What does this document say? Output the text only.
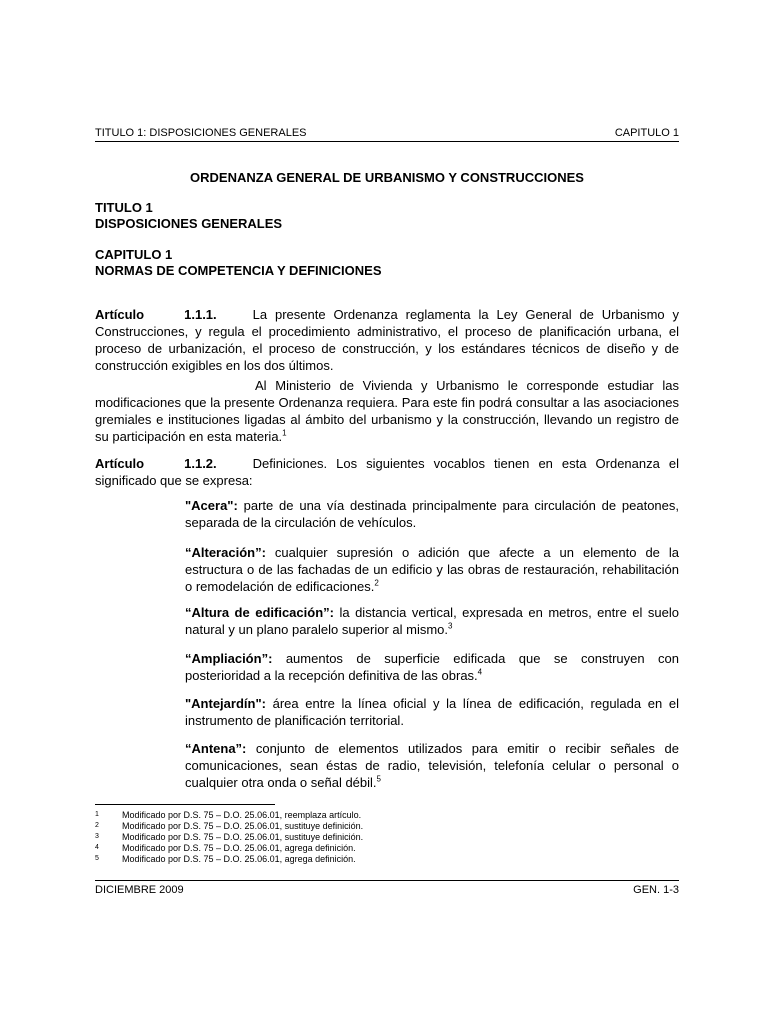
TITULO 1: DISPOSICIONES GENERALES	CAPITULO 1
ORDENANZA GENERAL DE URBANISMO Y CONSTRUCCIONES
TITULO 1
DISPOSICIONES GENERALES
CAPITULO 1
NORMAS DE COMPETENCIA Y DEFINICIONES
Artículo	1.1.1.	La presente Ordenanza reglamenta la Ley General de Urbanismo y Construcciones, y regula el procedimiento administrativo, el proceso de planificación urbana, el proceso de urbanización, el proceso de construcción, y los estándares técnicos de diseño y de construcción exigibles en los dos últimos.
Al Ministerio de Vivienda y Urbanismo le corresponde estudiar las modificaciones que la presente Ordenanza requiera. Para este fin podrá consultar a las asociaciones gremiales e instituciones ligadas al ámbito del urbanismo y la construcción, llevando un registro de su participación en esta materia.$^1$
Artículo	1.1.2.	Definiciones. Los siguientes vocablos tienen en esta Ordenanza el significado que se expresa:
"Acera": parte de una vía destinada principalmente para circulación de peatones, separada de la circulación de vehículos.
“Alteración”: cualquier supresión o adición que afecte a un elemento de la estructura o de las fachadas de un edificio y las obras de restauración, rehabilitación o remodelación de edificaciones.$^2$
“Altura de edificación”: la distancia vertical, expresada en metros, entre el suelo natural y un plano paralelo superior al mismo.$^3$
“Ampliación”: aumentos de superficie edificada que se construyen con posterioridad a la recepción definitiva de las obras.$^4$
"Antejardín": área entre la línea oficial y la línea de edificación, regulada en el instrumento de planificación territorial.
“Antena”: conjunto de elementos utilizados para emitir o recibir señales de comunicaciones, sean éstas de radio, televisión, telefonía celular o personal o cualquier otra onda o señal débil.$^5$
1	Modificado por D.S. 75 – D.O. 25.06.01, reemplaza artículo.
2	Modificado por D.S. 75 – D.O. 25.06.01, sustituye definición.
3	Modificado por D.S. 75 – D.O. 25.06.01, sustituye definición.
4	Modificado por D.S. 75 – D.O. 25.06.01, agrega definición.
5	Modificado por D.S. 75 – D.O. 25.06.01, agrega definición.
DICIEMBRE 2009	GEN. 1-3
